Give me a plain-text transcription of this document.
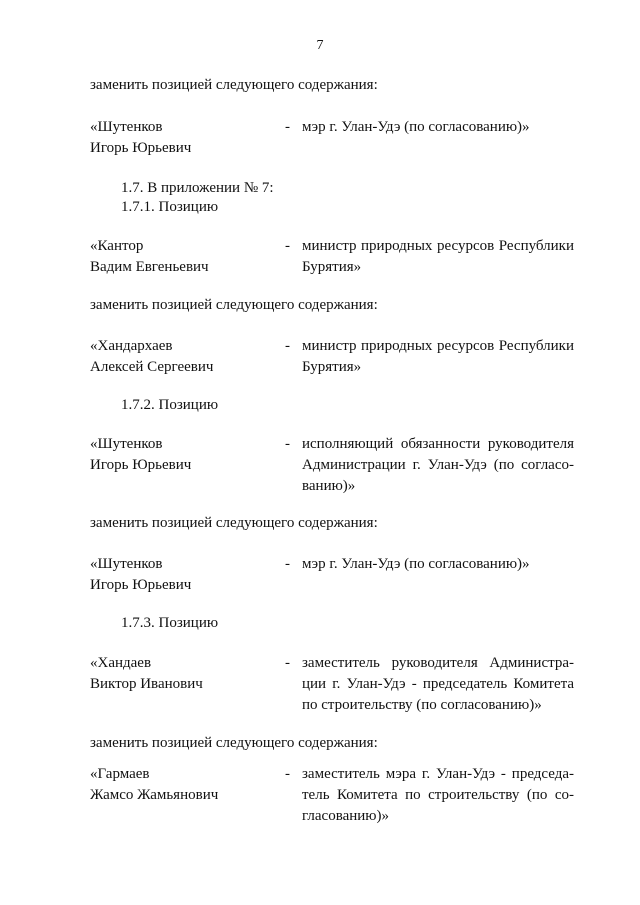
7
заменить позицией следующего содержания:
«Шутенков
Игорь Юрьевич
- мэр г. Улан-Удэ (по согласованию)»
1.7. В приложении № 7:
1.7.1. Позицию
«Кантор
Вадим Евгеньевич
- министр природных ресурсов Республики
Бурятия»
заменить позицией следующего содержания:
«Хандархаев
Алексей Сергеевич
- министр природных ресурсов Республики
Бурятия»
1.7.2. Позицию
«Шутенков
Игорь Юрьевич
- исполняющий обязанности руководителя
Администрации г. Улан-Удэ (по согласо-
ванию)»
заменить позицией следующего содержания:
«Шутенков
Игорь Юрьевич
- мэр г. Улан-Удэ (по согласованию)»
1.7.3. Позицию
«Хандаев
Виктор Иванович
- заместитель руководителя Администра-
ции г. Улан-Удэ - председатель Комитета
по строительству (по согласованию)»
заменить позицией следующего содержания:
«Гармаев
Жамсо Жамьянович
- заместитель мэра г. Улан-Удэ - председа-
тель Комитета по строительству (по со-
гласованию)»
